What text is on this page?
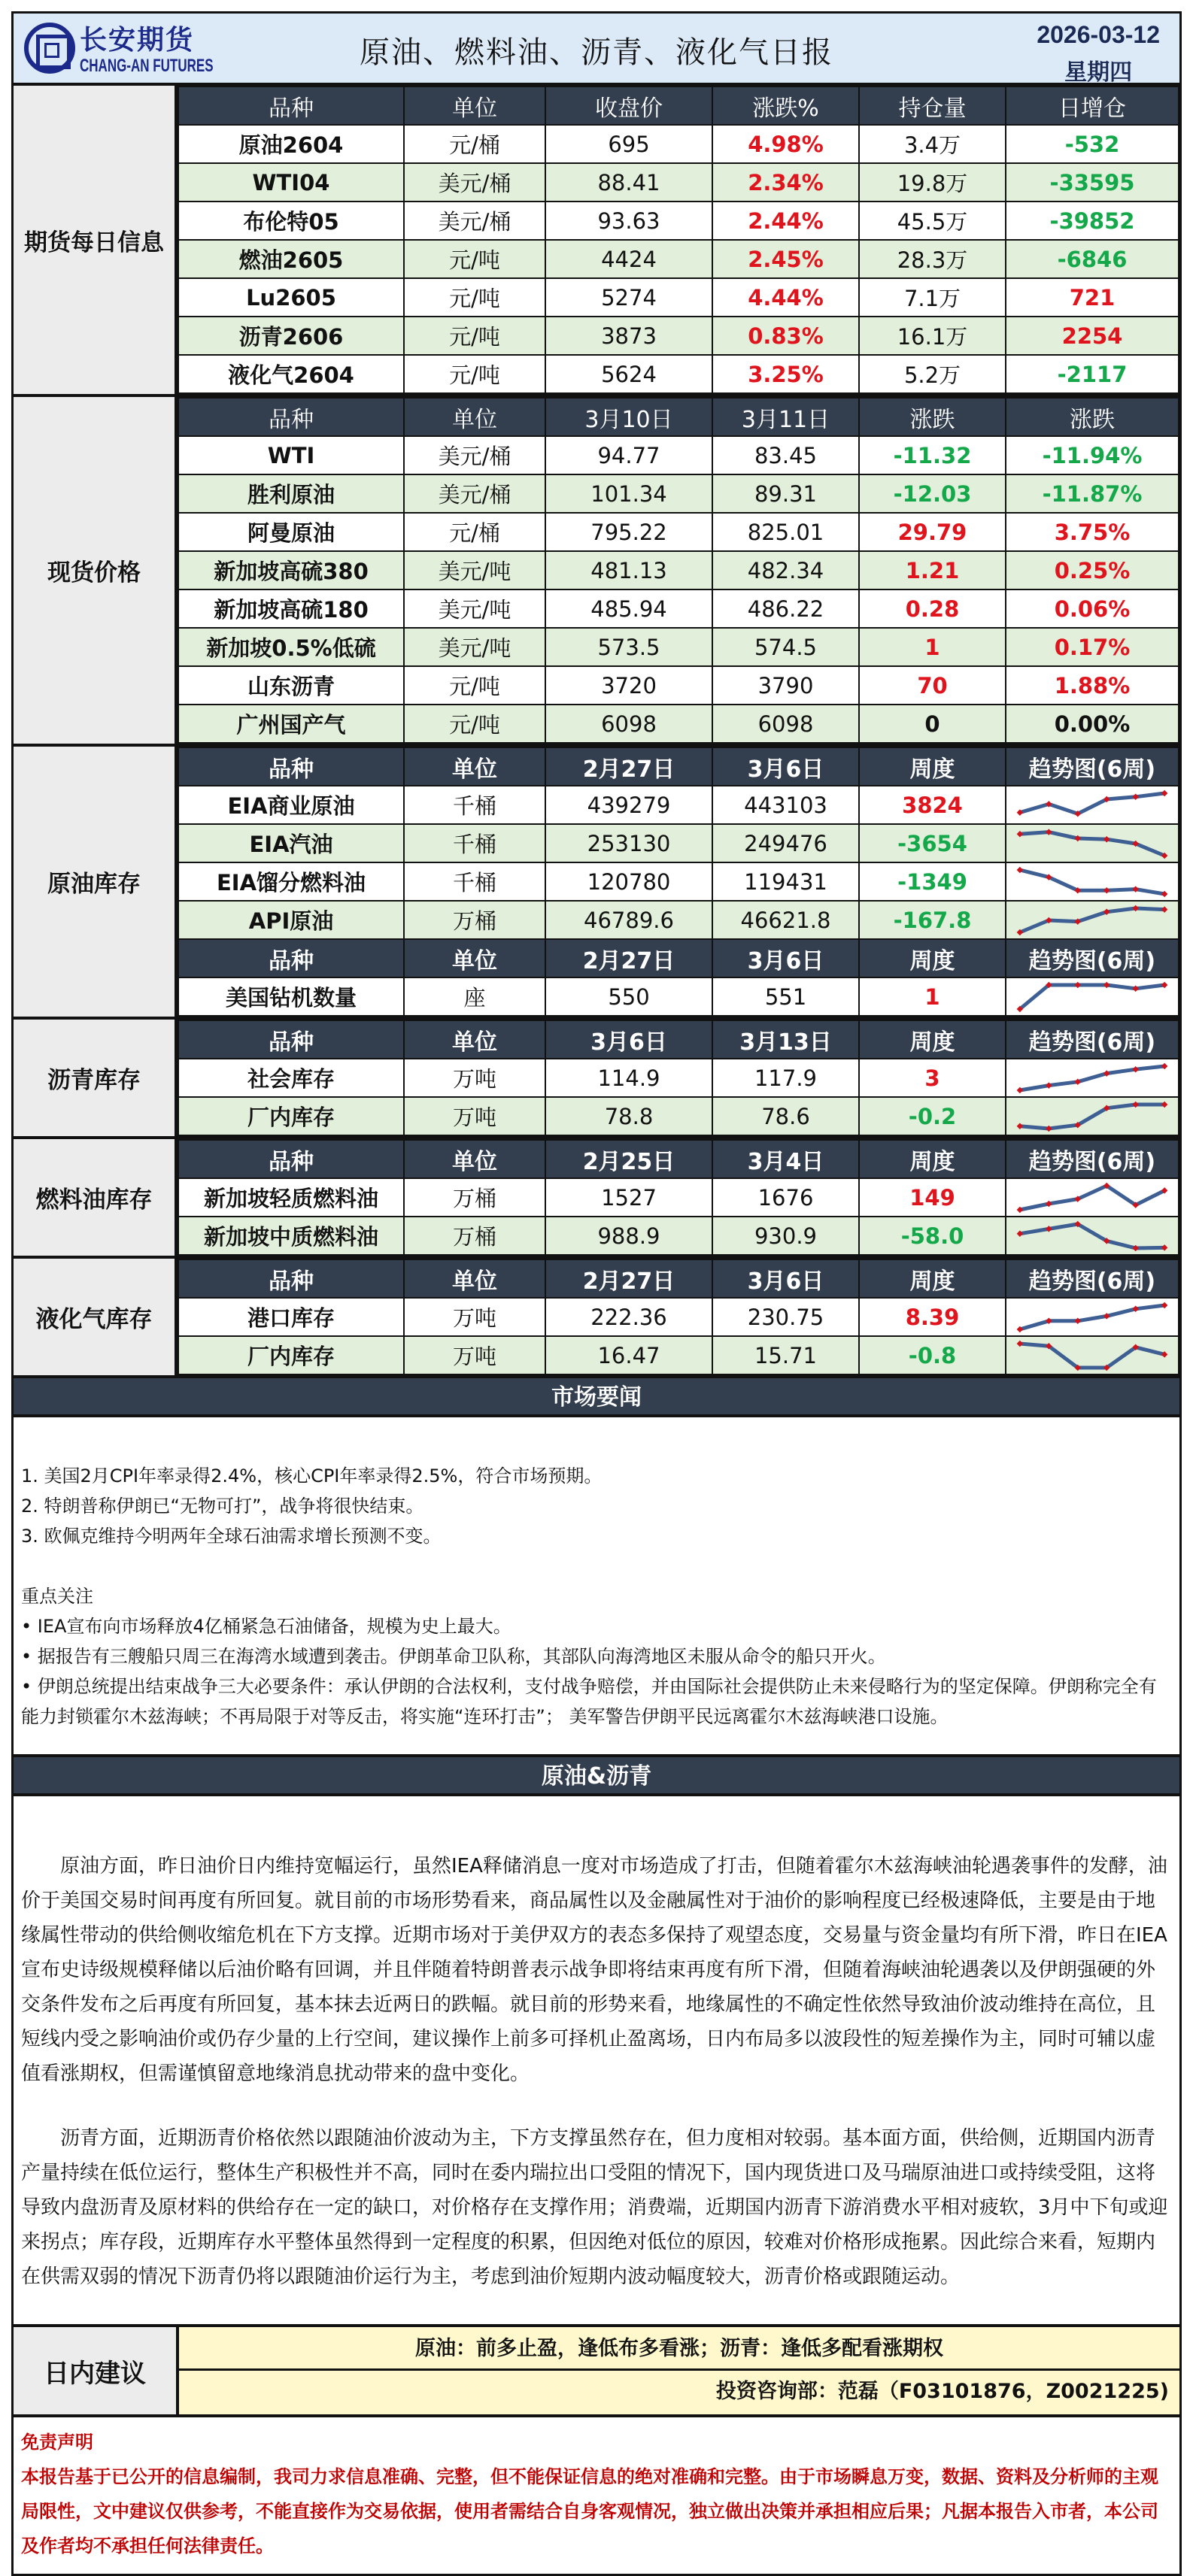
长安期货
CHANG-AN FUTURES	原油、燃料油、沥青、液化气日报
2026-03-12
星期四
期货每日信息
品种	单位	收盘价	涨跌%	持仓量	日增仓
原油2604	元/桶	695	4.98%	3.4万	-532
WTI04	美元/桶	88.41	2.34%	19.8万	-33595
布伦特05	美元/桶	93.63	2.44%	45.5万	-39852
燃油2605	元/吨	4424	2.45%	28.3万	-6846
Lu2605	元/吨	5274	4.44%	7.1万	721
沥青2606	元/吨	3873	0.83%	16.1万	2254
液化气2604	元/吨	5624	3.25%	5.2万	-2117
现货价格
品种	单位	3月10日	3月11日	涨跌	涨跌
WTI	美元/桶	94.77	83.45	-11.32	-11.94%
胜利原油	美元/桶	101.34	89.31	-12.03	-11.87%
阿曼原油	元/桶	795.22	825.01	29.79	3.75%
新加坡高硫380	美元/吨	481.13	482.34	1.21	0.25%
新加坡高硫180	美元/吨	485.94	486.22	0.28	0.06%
新加坡0.5%低硫	美元/吨	573.5	574.5	1	0.17%
山东沥青	元/吨	3720	3790	70	1.88%
广州国产气	元/吨	6098	6098	0	0.00%
原油库存
品种	单位	2月27日	3月6日	周度	趋势图(6周)
EIA商业原油	千桶	439279	443103	3824	

EIA汽油	千桶	253130	249476	-3654	

EIA馏分燃料油	千桶	120780	119431	-1349	

API原油	万桶	46789.6	46621.8	-167.8	

品种	单位	2月27日	3月6日	周度	趋势图(6周)
美国钻机数量	座	550	551	1	
沥青库存
品种	单位	3月6日	3月13日	周度	趋势图(6周)
社会库存	万吨	114.9	117.9	3	

厂内库存	万吨	78.8	78.6	-0.2	
燃料油库存
品种	单位	2月25日	3月4日	周度	趋势图(6周)
新加坡轻质燃料油	万桶	1527	1676	149	

新加坡中质燃料油	万桶	988.9	930.9	-58.0	
液化气库存
品种	单位	2月27日	3月6日	周度	趋势图(6周)
港口库存	万吨	222.36	230.75	8.39	

厂内库存	万吨	16.47	15.71	-0.8	
市场要闻
1. 美国2月CPI年率录得2.4%，核心CPI年率录得2.5%，符合市场预期。
2. 特朗普称伊朗已“无物可打”，战争将很快结束。
3. 欧佩克维持今明两年全球石油需求增长预测不变。
重点关注
• IEA宣布向市场释放4亿桶紧急石油储备，规模为史上最大。
• 据报告有三艘船只周三在海湾水域遭到袭击。伊朗革命卫队称，其部队向海湾地区未服从命令的船只开火。
• 伊朗总统提出结束战争三大必要条件：承认伊朗的合法权利，支付战争赔偿，并由国际社会提供防止未来侵略行为的坚定保障。伊朗称完全有能力封锁霍尔木兹海峡；不再局限于对等反击，将实施“连环打击”； 美军警告伊朗平民远离霍尔木兹海峡港口设施。
原油&沥青

原油方面，昨日油价日内维持宽幅运行，虽然IEA释储消息一度对市场造成了打击，但随着霍尔木兹海峡油轮遇袭事件的发酵，油价于美国交易时间再度有所回复。就目前的市场形势看来，商品属性以及金融属性对于油价的影响程度已经极速降低，主要是由于地缘属性带动的供给侧收缩危机在下方支撑。近期市场对于美伊双方的表态多保持了观望态度，交易量与资金量均有所下滑，昨日在IEA宣布史诗级规模释储以后油价略有回调，并且伴随着特朗普表示战争即将结束再度有所下滑，但随着海峡油轮遇袭以及伊朗强硬的外交条件发布之后再度有所回复，基本抹去近两日的跌幅。就目前的形势来看，地缘属性的不确定性依然导致油价波动维持在高位，且短线内受之影响油价或仍存少量的上行空间，建议操作上前多可择机止盈离场，日内布局多以波段性的短差操作为主，同时可辅以虚值看涨期权，但需谨慎留意地缘消息扰动带来的盘中变化。

沥青方面，近期沥青价格依然以跟随油价波动为主，下方支撑虽然存在，但力度相对较弱。基本面方面，供给侧，近期国内沥青产量持续在低位运行，整体生产积极性并不高，同时在委内瑞拉出口受阻的情况下，国内现货进口及马瑞原油进口或持续受阻，这将导致内盘沥青及原材料的供给存在一定的缺口，对价格存在支撑作用；消费端，近期国内沥青下游消费水平相对疲软，3月中下旬或迎来拐点；库存段，近期库存水平整体虽然得到一定程度的积累，但因绝对低位的原因，较难对价格形成拖累。因此综合来看，短期内在供需双弱的情况下沥青仍将以跟随油价运行为主，考虑到油价短期内波动幅度较大，沥青价格或跟随运动。

日内建议
原油：前多止盈，逢低布多看涨；沥青：逢低多配看涨期权
投资咨询部：范磊（F03101876，Z0021225)
免责声明
本报告基于已公开的信息编制，我司力求信息准确、完整，但不能保证信息的绝对准确和完整。由于市场瞬息万变，数据、资料及分析师的主观局限性，文中建议仅供参考，不能直接作为交易依据，使用者需结合自身客观情况，独立做出决策并承担相应后果；凡据本报告入市者，本公司及作者均不承担任何法律责任。
